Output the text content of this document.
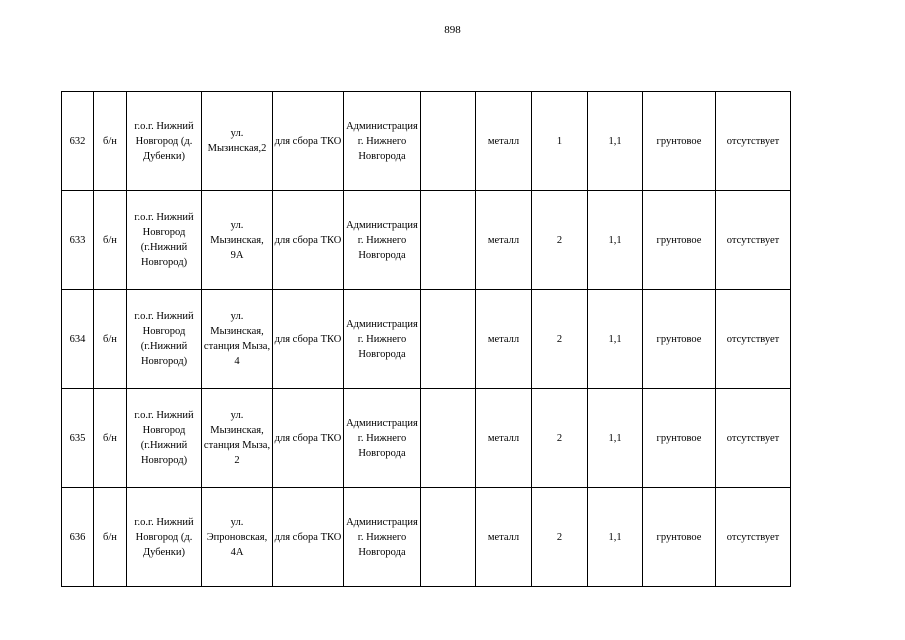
898
632	б/н	г.о.г. Нижний Новгород (д. Дубенки)	ул. Мызинская,2	для сбора ТКО	Администрация г. Нижнего Новгорода		металл	1	1,1	грунтовое	отсутствует
633	б/н	г.о.г. Нижний Новгород (г.Нижний Новгород)	ул. Мызинская, 9А	для сбора ТКО	Администрация г. Нижнего Новгорода		металл	2	1,1	грунтовое	отсутствует
634	б/н	г.о.г. Нижний Новгород (г.Нижний Новгород)	ул. Мызинская, станция Мыза, 4	для сбора ТКО	Администрация г. Нижнего Новгорода		металл	2	1,1	грунтовое	отсутствует
635	б/н	г.о.г. Нижний Новгород (г.Нижний Новгород)	ул. Мызинская, станция Мыза, 2	для сбора ТКО	Администрация г. Нижнего Новгорода		металл	2	1,1	грунтовое	отсутствует
636	б/н	г.о.г. Нижний Новгород (д. Дубенки)	ул. Эпроновская, 4А	для сбора ТКО	Администрация г. Нижнего Новгорода		металл	2	1,1	грунтовое	отсутствует
